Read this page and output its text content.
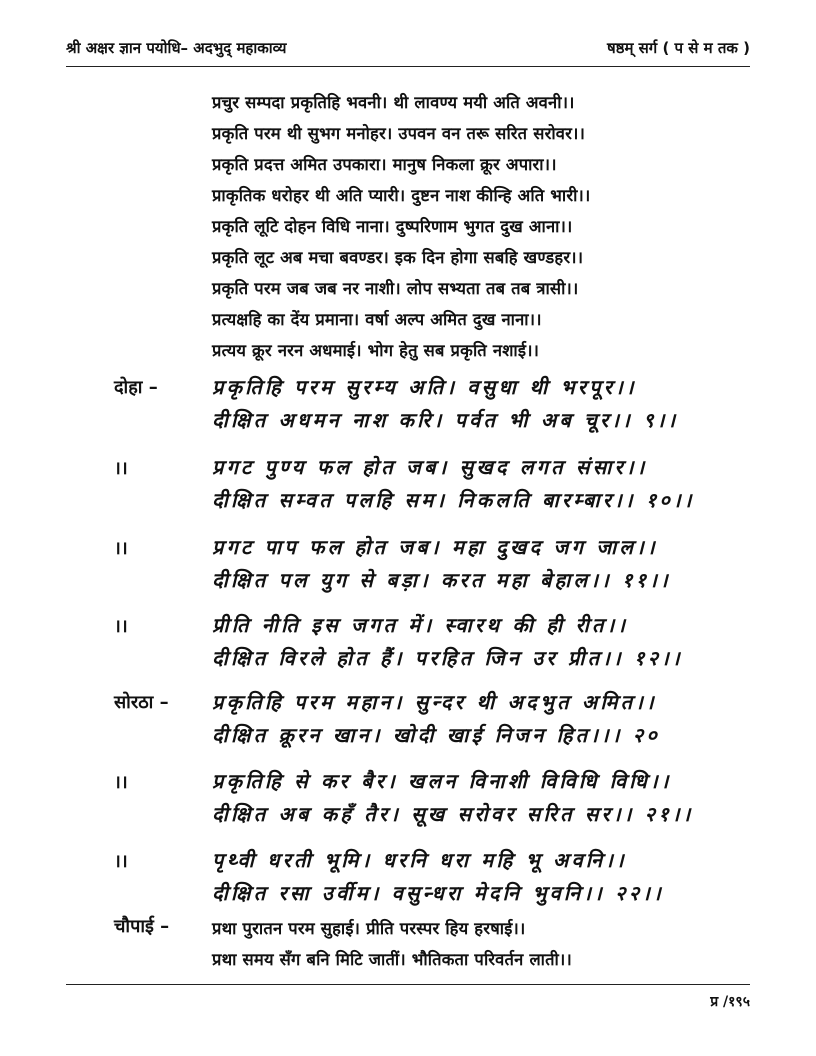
श्री अक्षर ज्ञान पयोधि– अदभुद् महाकाव्य	षष्ठम् सर्ग ( प से म तक )
प्रचुर सम्पदा प्रकृतिहि भवनी। थी लावण्य मयी अति अवनी।।
प्रकृति परम थी सुभग मनोहर। उपवन वन तरू सरित सरोवर।।
प्रकृति प्रदत्त अमित उपकारा। मानुष निकला क्रूर अपारा।।
प्राकृतिक धरोहर थी अति प्यारी। दुष्टन नाश कीन्हि अति भारी।।
प्रकृति लूटि दोहन विधि नाना। दुष्परिणाम भुगत दुख आना।।
प्रकृति लूट अब मचा बवण्डर। इक दिन होगा सबहि खण्डहर।।
प्रकृति परम जब जब नर नाशी। लोप सभ्यता तब तब त्रासी।।
प्रत्यक्षहि का देंय प्रमाना। वर्षा अल्प अमित दुख नाना।।
प्रत्यय क्रूर नरन अधमाई। भोग हेतु सब प्रकृति नशाई।।
दोहा –	प्रकृतिहि परम सुरम्य अति। वसुधा थी भरपूर।।
दीक्षित अधमन नाश करि। पर्वत भी अब चूर।। ९।।
।।	प्रगट पुण्य फल होत जब। सुखद लगत संसार।।
दीक्षित सम्वत पलहि सम। निकलति बारम्बार।। १०।।
।।	प्रगट पाप फल होत जब। महा दुखद जग जाल।।
दीक्षित पल युग से बड़ा। करत महा बेहाल।। ११।।
।।	प्रीति नीति इस जगत में। स्वारथ की ही रीत।।
दीक्षित विरले होत हैं। परहित जिन उर प्रीत।। १२।।
सोरठा – प्रकृतिहि परम महान। सुन्दर थी अदभुत अमित।।
दीक्षित क्रूरन खान। खोदी खाई निजन हित।।। २०
।।	प्रकृतिहि से कर बैर। खलन विनाशी विविधि विधि।।
दीक्षित अब कहँ तैर। सूख सरोवर सरित सर।। २१।।
।।	पृथ्वी धरती भूमि। धरनि धरा महि भू अवनि।।
दीक्षित रसा उर्वीम। वसुन्धरा मेदनि भुवनि।। २२।।
चौपाई –	प्रथा पुरातन परम सुहाई। प्रीति परस्पर हिय हरषाई।।
प्रथा समय सँग बनि मिटि जातीं। भौतिकता परिवर्तन लाती।।
प्र /१९५
